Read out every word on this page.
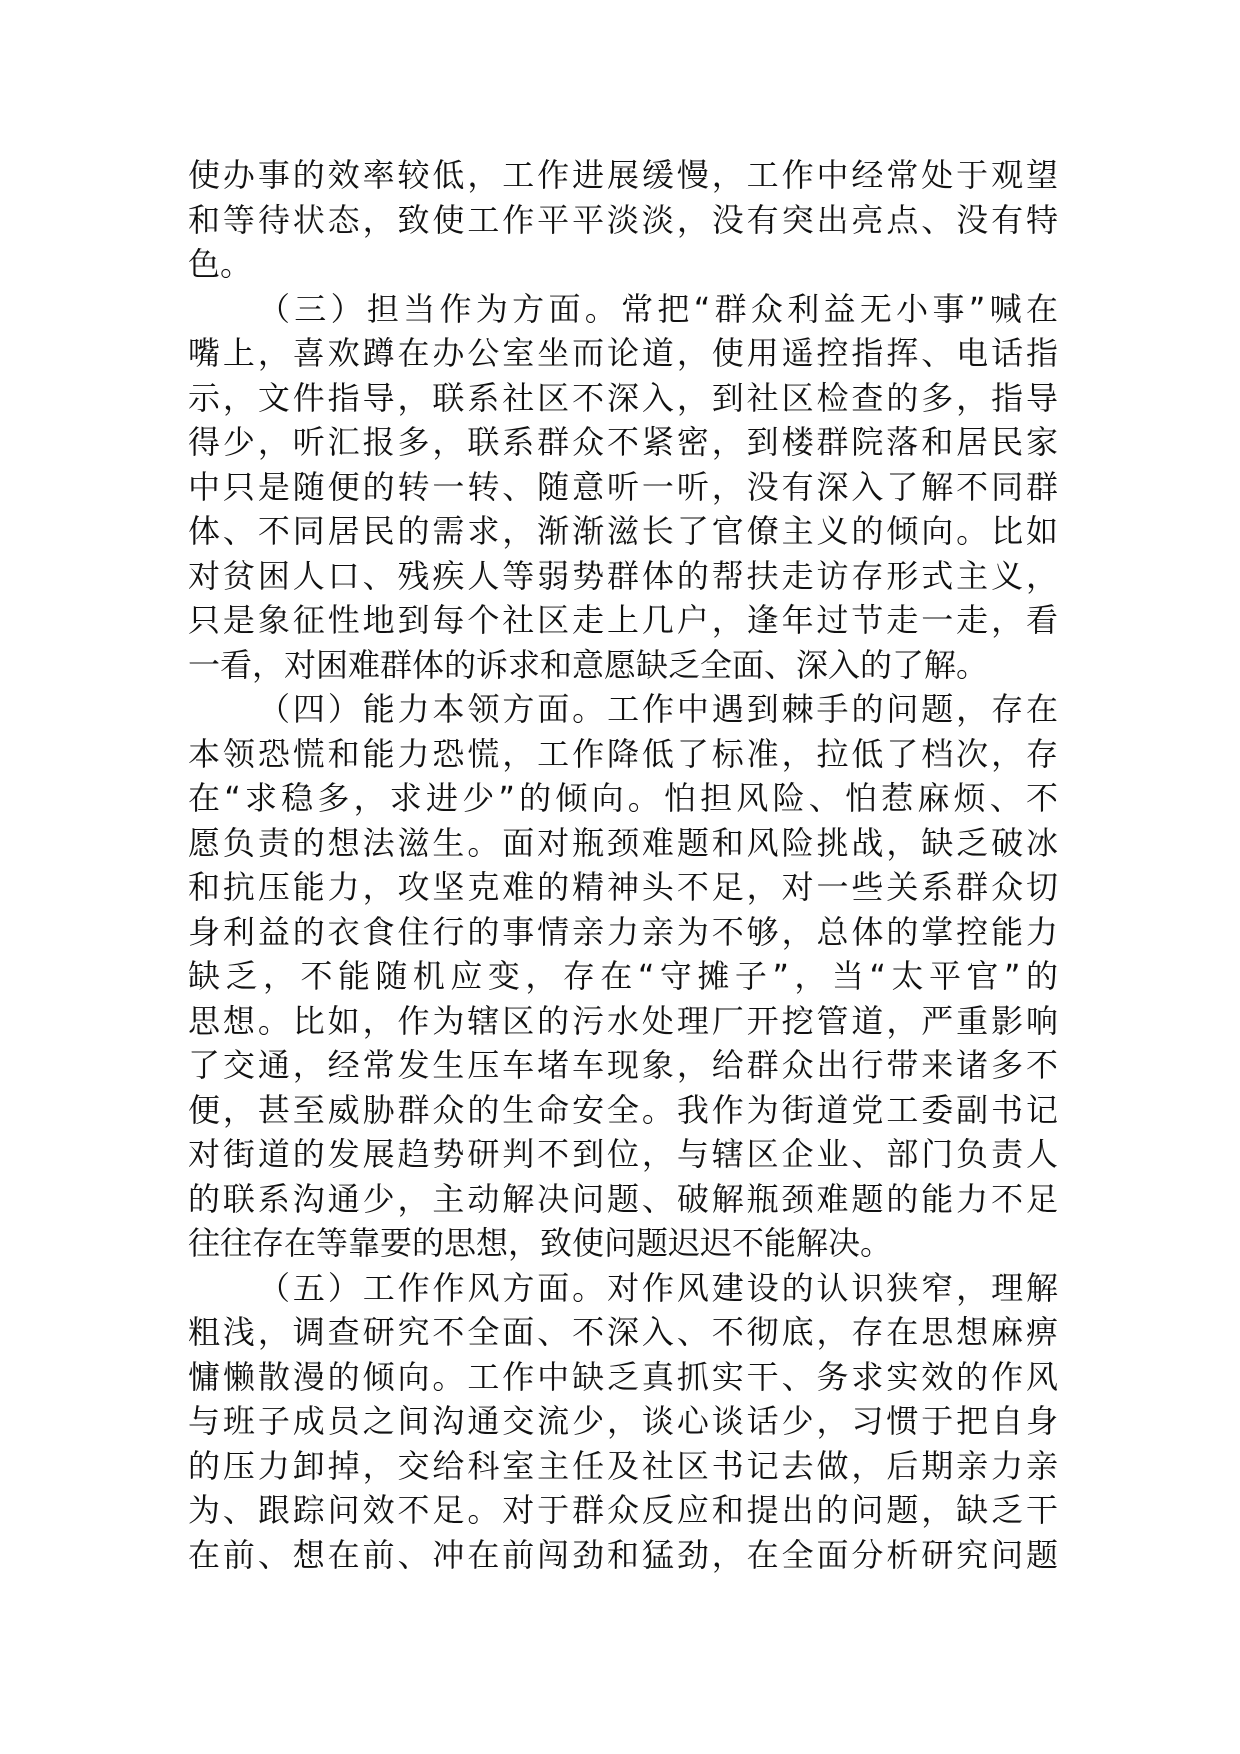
使办事的效率较低，工作进展缓慢，工作中经常处于观望
和等待状态，致使工作平平淡淡，没有突出亮点、没有特
色。
（三）担当作为方面。常把“群众利益无小事”喊在
嘴上，喜欢蹲在办公室坐而论道，使用遥控指挥、电话指
示，文件指导，联系社区不深入，到社区检查的多，指导
得少，听汇报多，联系群众不紧密，到楼群院落和居民家
中只是随便的转一转、随意听一听，没有深入了解不同群
体、不同居民的需求，渐渐滋长了官僚主义的倾向。比如
对贫困人口、残疾人等弱势群体的帮扶走访存形式主义，
只是象征性地到每个社区走上几户，逢年过节走一走，看
一看，对困难群体的诉求和意愿缺乏全面、深入的了解。
（四）能力本领方面。工作中遇到棘手的问题，存在
本领恐慌和能力恐慌，工作降低了标准，拉低了档次，存
在“求稳多，求进少”的倾向。怕担风险、怕惹麻烦、不
愿负责的想法滋生。面对瓶颈难题和风险挑战，缺乏破冰
和抗压能力，攻坚克难的精神头不足，对一些关系群众切
身利益的衣食住行的事情亲力亲为不够，总体的掌控能力
缺乏，不能随机应变，存在“守摊子”，当“太平官”的
思想。比如，作为辖区的污水处理厂开挖管道，严重影响
了交通，经常发生压车堵车现象，给群众出行带来诸多不
便，甚至威胁群众的生命安全。我作为街道党工委副书记
对街道的发展趋势研判不到位，与辖区企业、部门负责人
的联系沟通少，主动解决问题、破解瓶颈难题的能力不足
往往存在等靠要的思想，致使问题迟迟不能解决。
（五）工作作风方面。对作风建设的认识狭窄，理解
粗浅，调查研究不全面、不深入、不彻底，存在思想麻痹
慵懒散漫的倾向。工作中缺乏真抓实干、务求实效的作风
与班子成员之间沟通交流少，谈心谈话少，习惯于把自身
的压力卸掉，交给科室主任及社区书记去做，后期亲力亲
为、跟踪问效不足。对于群众反应和提出的问题，缺乏干
在前、想在前、冲在前闯劲和猛劲，在全面分析研究问题
